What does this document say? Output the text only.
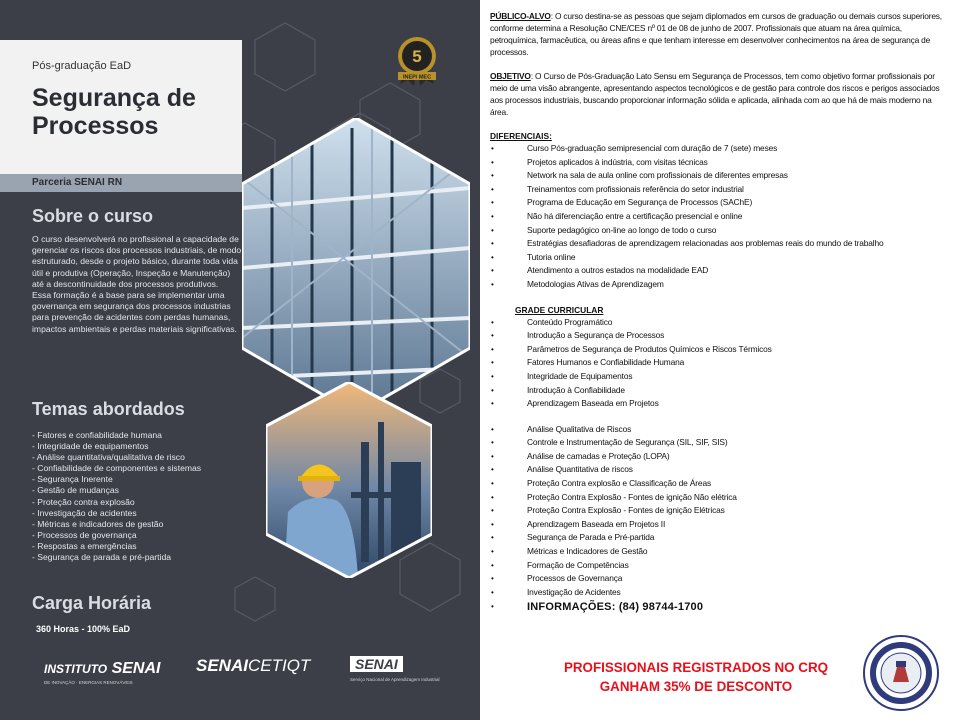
Pós-graduação EaD
Segurança de
Processos
Parceria SENAI RN
5
INEP/ MEC
Sobre o curso
O curso desenvolverá no profissional a capacidade de gerenciar os riscos dos processos industriais, de modo estruturado, desde o projeto básico, durante toda vida útil e produtiva (Operação, Inspeção e Manutenção) até a descontinuidade dos processos produtivos.
Essa formação é a base para se implementar uma governança em segurança dos processos industrias para prevenção de acidentes com perdas humanas, impactos ambientais e perdas materiais significativas.
Temas abordados
- Fatores e confiabilidade humana
- Integridade de equipamentos
- Análise quantitativa/qualitativa de risco
- Confiabilidade de componentes e sistemas
- Segurança Inerente
- Gestão de mudanças
- Proteção contra explosão
- Investigação de acidentes
- Métricas e indicadores de gestão
- Processos de governança
- Respostas a emergências
- Segurança de parada e pré-partida
Carga Horária
360 Horas - 100% EaD
INSTITUTO SENAI
DE INOVAÇÃO · ENERGIAS RENOVÁVEIS
SENAICETIQT	SENAI
Serviço Nacional de Aprendizagem Industrial

PÚBLICO-ALVO: O curso destina-se as pessoas que sejam diplomados em cursos de graduação ou demais cursos superiores, conforme determina a Resolução CNE/CES nº 01 de 08 de junho de 2007. Profissionais que atuam na área química, petroquímica, farmacêutica, ou áreas afins e que tenham interesse em desenvolver conhecimentos na área de segurança de processos.

OBJETIVO: O Curso de Pós-Graduação Lato Sensu em Segurança de Processos, tem como objetivo formar profissionais por meio de uma visão abrangente, apresentando aspectos tecnológicos e de gestão para controle dos riscos e perigos associados aos processos industriais, buscando proporcionar informação sólida e aplicada, alinhada com ao que há de mais moderno na área.

DIFERENCIAIS:
• Curso Pós-graduação semipresencial com duração de 7 (sete) meses
• Projetos aplicados à indústria, com visitas técnicas
• Network na sala de aula online com profissionais de diferentes empresas
• Treinamentos com profissionais referência do setor industrial
• Programa de Educação em Segurança de Processos (SAChE)
• Não há diferenciação entre a certificação presencial e online
• Suporte pedagógico on-line ao longo de todo o curso
• Estratégias desafiadoras de aprendizagem relacionadas aos problemas reais do mundo de trabalho
• Tutoria online
• Atendimento a outros estados na modalidade EAD
• Metodologias Ativas de Aprendizagem
GRADE CURRICULAR
• Conteúdo Programático
• Introdução a Segurança de Processos
• Parâmetros de Segurança de Produtos Químicos e Riscos Térmicos
• Fatores Humanos e Confiabilidade Humana
• Integridade de Equipamentos
• Introdução à Confiabilidade
• Aprendizagem Baseada em Projetos
• Análise Qualitativa de Riscos
• Controle e Instrumentação de Segurança (SIL, SIF, SIS)
• Análise de camadas e Proteção (LOPA)
• Análise Quantitativa de riscos
• Proteção Contra explosão e Classificação de Áreas
• Proteção Contra Explosão - Fontes de ignição Não elétrica
• Proteção Contra Explosão - Fontes de ignição Elétricas
• Aprendizagem Baseada em Projetos II
• Segurança de Parada e Pré-partida
• Métricas e Indicadores de Gestão
• Formação de Competências
• Processos de Governança
• Investigação de Acidentes
• INFORMAÇÕES: (84) 98744-1700
PROFISSIONAIS REGISTRADOS NO CRQ
GANHAM 35% DE DESCONTO
